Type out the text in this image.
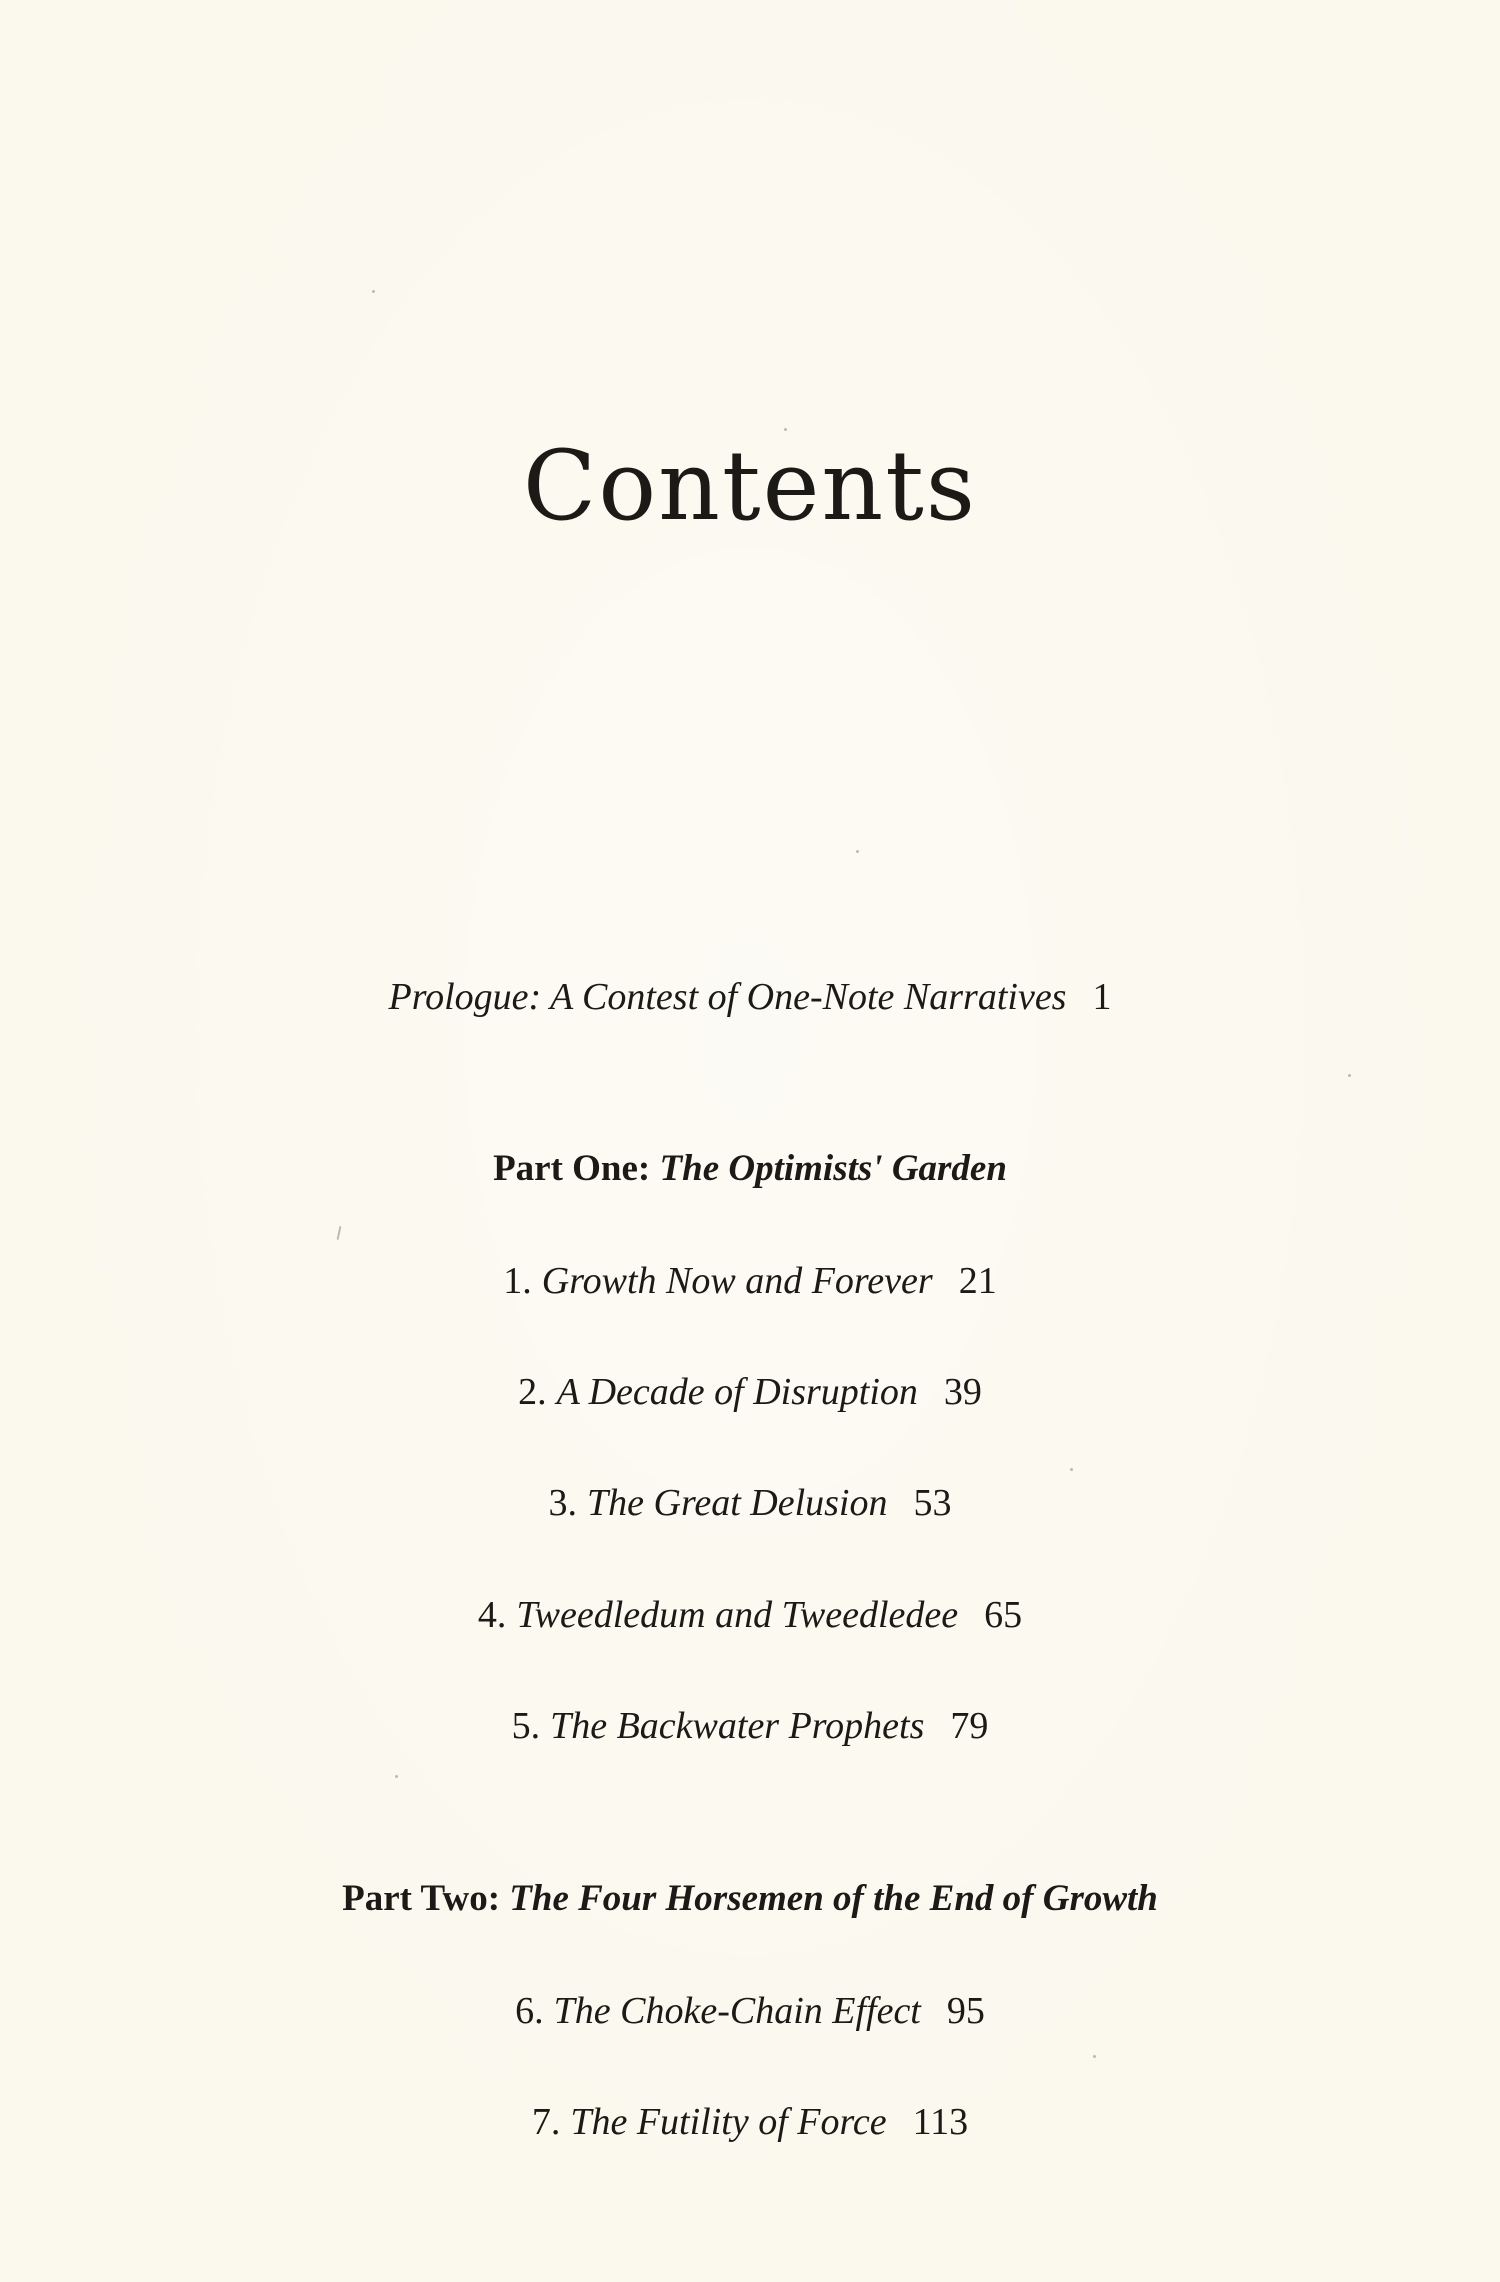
Contents
Prologue: A Contest of One-Note Narratives 1
Part One: The Optimists' Garden
1. Growth Now and Forever 21
2. A Decade of Disruption 39
3. The Great Delusion 53
4. Tweedledum and Tweedledee 65
5. The Backwater Prophets 79
Part Two: The Four Horsemen of the End of Growth
6. The Choke-Chain Effect 95
7. The Futility of Force 113
